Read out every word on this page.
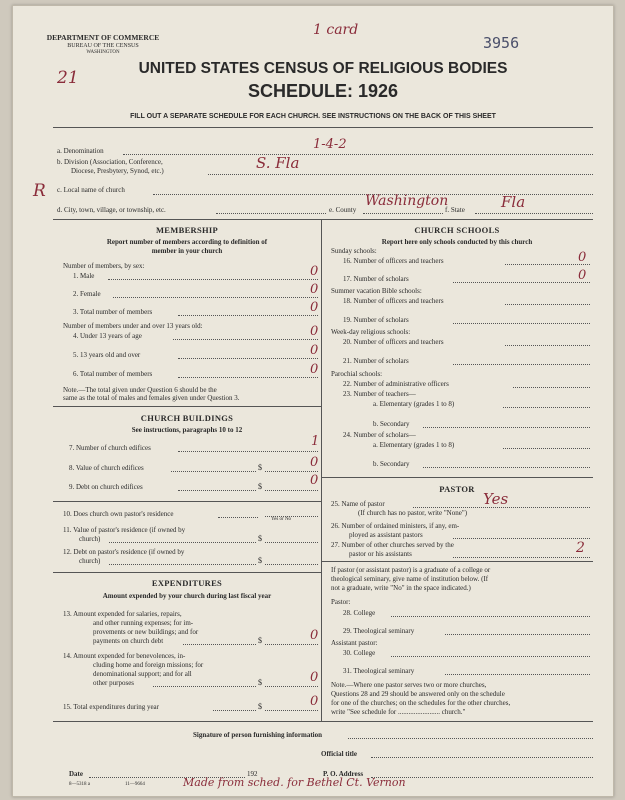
DEPARTMENT OF COMMERCE
BUREAU OF THE CENSUS
WASHINGTON
1 card
3956
21	UNITED STATES CENSUS OF RELIGIOUS BODIES
SCHEDULE: 1926
FILL OUT A SEPARATE SCHEDULE FOR EACH CHURCH. SEE INSTRUCTIONS ON THE BACK OF THIS SHEET
a. Denomination	1-4-2
b. Division (Association, Conference,
Diocese, Presbytery, Synod, etc.)	S. Fla
R c. Local name of church
d. City, town, village, or township, etc.	e. County
Washington
f. State Fla
MEMBERSHIP
Report number of members according to definition of
member in your church
Number of members, by sex:
1. Male	0
2. Female	0
3. Total number of members	0
Number of members under and over 13 years old:
4. Under 13 years of age	0
5. 13 years old and over	0
6. Total number of members	0
Note.—The total given under Question 6 should be the
same as the total of males and females given under Question 3.
CHURCH BUILDINGS
See instructions, paragraphs 10 to 12
7. Number of church edifices	1
8. Value of church edifices	$	0
9. Debt on church edifices	$	0
10. Does church own pastor's residence
Yes or No
11. Value of pastor's residence (if owned by
church)	$
12. Debt on pastor's residence (if owned by
church)	$
EXPENDITURES
Amount expended by your church during last fiscal year
13. Amount expended for salaries, repairs,
and other running expenses; for im-
provements or new buildings; and for
payments on church debt	$	0
14. Amount expended for benevolences, in-
cluding home and foreign missions; for
denominational support; and for all
other purposes	$	0
15. Total expenditures during year	$	0
CHURCH SCHOOLS
Report here only schools conducted by this church
Sunday schools:
16. Number of officers and teachers	0
17. Number of scholars	0
Summer vacation Bible schools:
18. Number of officers and teachers
19. Number of scholars
Week-day religious schools:
20. Number of officers and teachers
21. Number of scholars
Parochial schools:
22. Number of administrative officers
23. Number of teachers—
a. Elementary (grades 1 to 8)
b. Secondary
24. Number of scholars—
a. Elementary (grades 1 to 8)
b. Secondary
PASTOR
25. Name of pastor	Yes
(If church has no pastor, write "None")
26. Number of ordained ministers, if any, em-
ployed as assistant pastors
27. Number of other churches served by the
pastor or his assistants	2
If pastor (or assistant pastor) is a graduate of a college or
theological seminary, give name of institution below. (If
not a graduate, write "No" in the space indicated.)
Pastor:
28. College
29. Theological seminary
Assistant pastor:
30. College
31. Theological seminary
Note.—Where one pastor serves two or more churches,
Questions 28 and 29 should be answered only on the schedule
for one of the churches; on the schedules for the other churches,
write "See schedule for ........................ church."
Signature of person furnishing information
Official title
Date	192	P. O. Address
8—5318 a	11—9664	Made from sched. for Bethel Ct. Vernon
